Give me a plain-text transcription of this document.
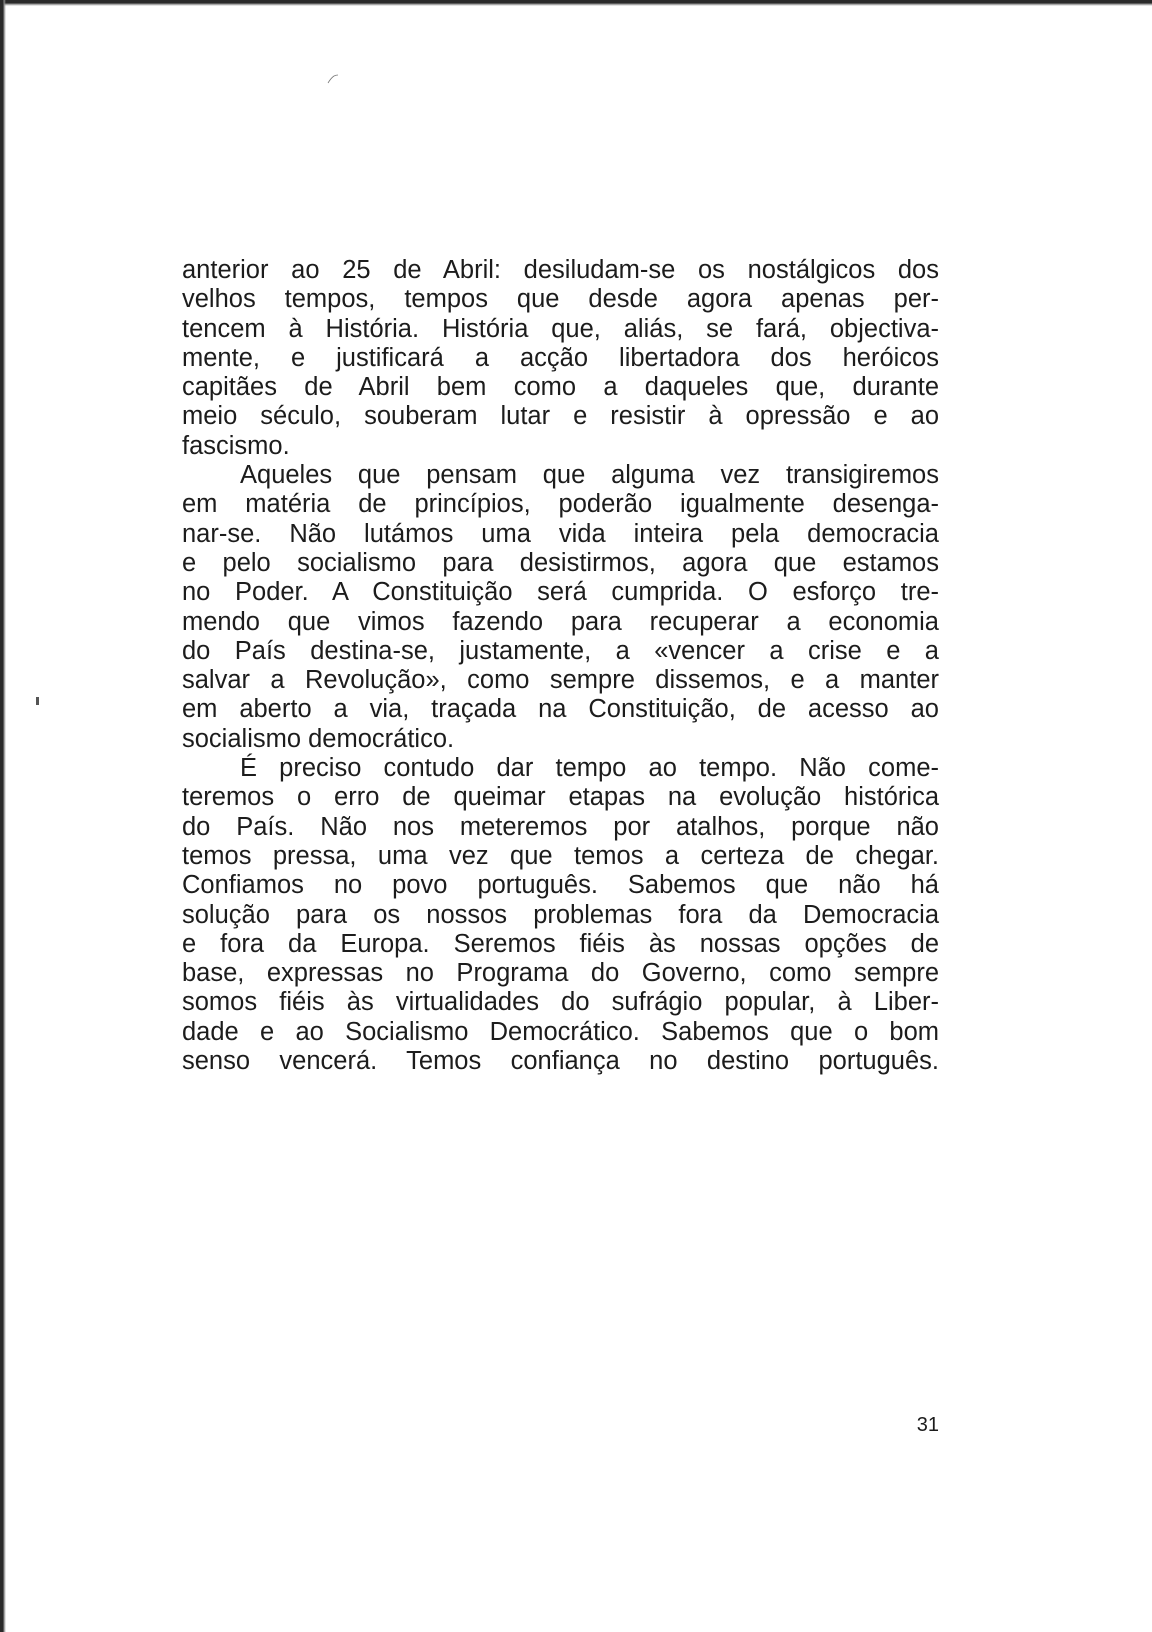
anterior ao 25 de Abril: desiludam-se os nostálgicos dos
velhos tempos, tempos que desde agora apenas per-
tencem à História. História que, aliás, se fará, objectiva-
mente, e justificará a acção libertadora dos heróicos
capitães de Abril bem como a daqueles que, durante
meio século, souberam lutar e resistir à opressão e ao
fascismo.
Aqueles que pensam que alguma vez transigiremos
em matéria de princípios, poderão igualmente desenga-
nar-se. Não lutámos uma vida inteira pela democracia
e pelo socialismo para desistirmos, agora que estamos
no Poder. A Constituição será cumprida. O esforço tre-
mendo que vimos fazendo para recuperar a economia
do País destina-se, justamente, a «vencer a crise e a
salvar a Revolução», como sempre dissemos, e a manter
em aberto a via, traçada na Constituição, de acesso ao
socialismo democrático.
É preciso contudo dar tempo ao tempo. Não come-
teremos o erro de queimar etapas na evolução histórica
do País. Não nos meteremos por atalhos, porque não
temos pressa, uma vez que temos a certeza de chegar.
Confiamos no povo português. Sabemos que não há
solução para os nossos problemas fora da Democracia
e fora da Europa. Seremos fiéis às nossas opções de
base, expressas no Programa do Governo, como sempre
somos fiéis às virtualidades do sufrágio popular, à Liber-
dade e ao Socialismo Democrático. Sabemos que o bom
senso vencerá. Temos confiança no destino português.
31
